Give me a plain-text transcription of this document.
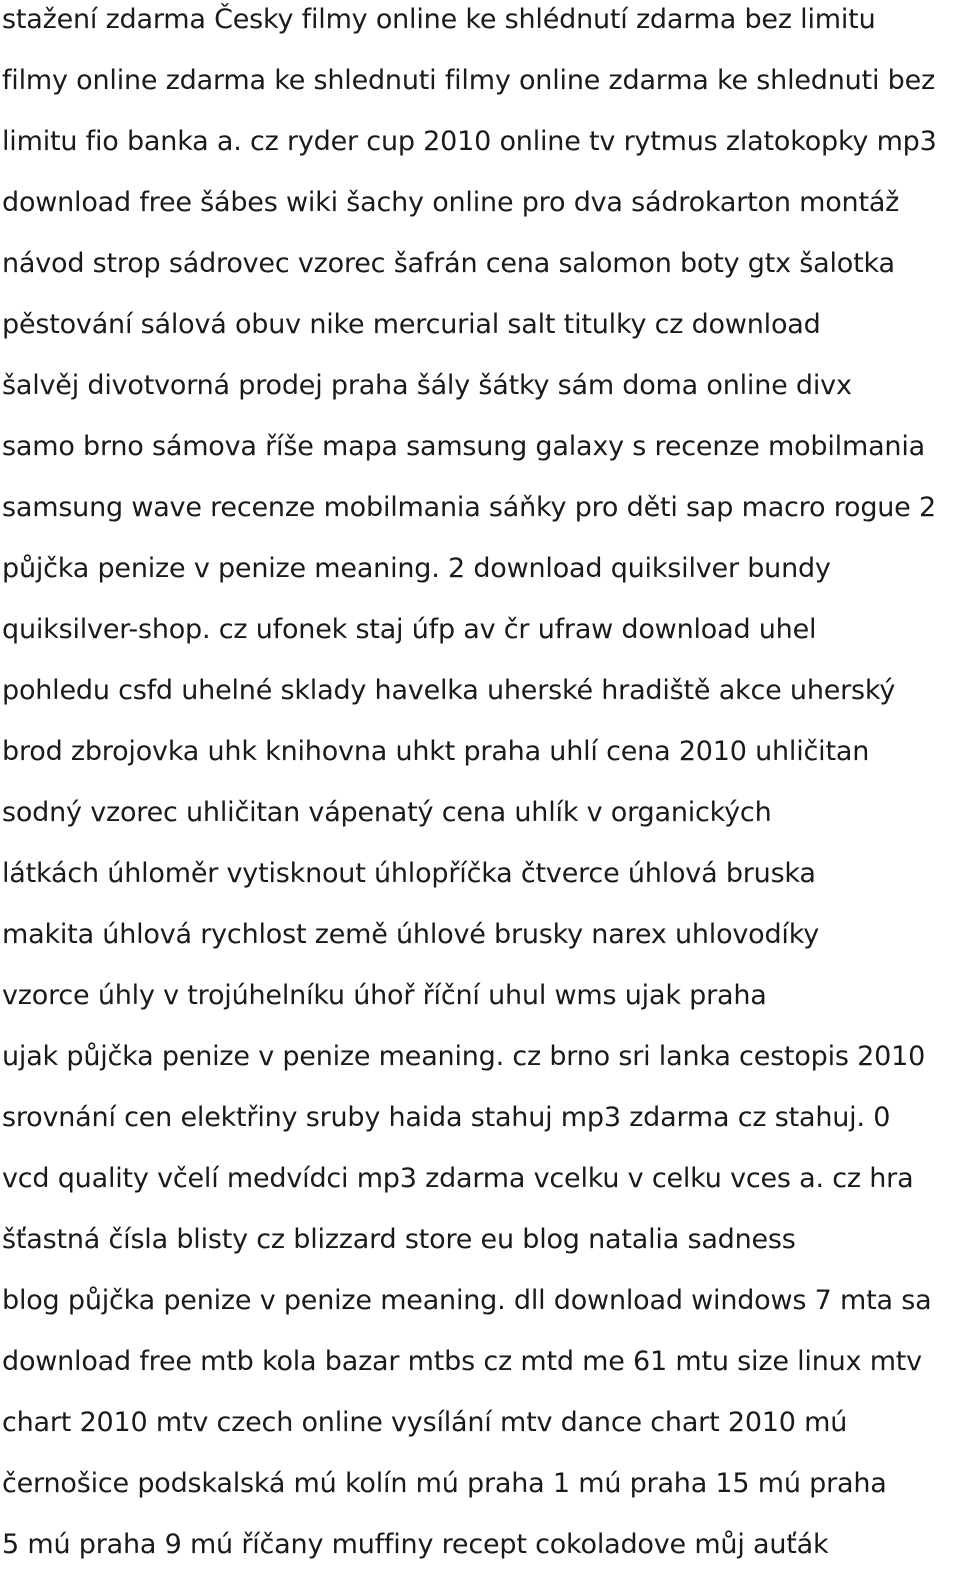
stažení zdarma Česky filmy online ke shlédnutí zdarma bez limitu
filmy online zdarma ke shlednuti filmy online zdarma ke shlednuti bez
limitu fio banka a. cz ryder cup 2010 online tv rytmus zlatokopky mp3
download free šábes wiki šachy online pro dva sádrokarton montáž
návod strop sádrovec vzorec šafrán cena salomon boty gtx šalotka
pěstování sálová obuv nike mercurial salt titulky cz download
šalvěj divotvorná prodej praha šály šátky sám doma online divx
samo brno sámova říše mapa samsung galaxy s recenze mobilmania
samsung wave recenze mobilmania sáňky pro děti sap macro rogue 2
půjčka penize v penize meaning. 2 download quiksilver bundy
quiksilver-shop. cz ufonek staj úfp av čr ufraw download uhel
pohledu csfd uhelné sklady havelka uherské hradiště akce uherský
brod zbrojovka uhk knihovna uhkt praha uhlí cena 2010 uhličitan
sodný vzorec uhličitan vápenatý cena uhlík v organických
látkách úhloměr vytisknout úhlopříčka čtverce úhlová bruska
makita úhlová rychlost země úhlové brusky narex uhlovodíky
vzorce úhly v trojúhelníku úhoř říční uhul wms ujak praha
ujak půjčka penize v penize meaning. cz brno sri lanka cestopis 2010
srovnání cen elektřiny sruby haida stahuj mp3 zdarma cz stahuj. 0
vcd quality včelí medvídci mp3 zdarma vcelku v celku vces a. cz hra
šťastná čísla blisty cz blizzard store eu blog natalia sadness
blog půjčka penize v penize meaning. dll download windows 7 mta sa
download free mtb kola bazar mtbs cz mtd me 61 mtu size linux mtv
chart 2010 mtv czech online vysílání mtv dance chart 2010 mú
černošice podskalská mú kolín mú praha 1 mú praha 15 mú praha
5 mú praha 9 mú říčany muffiny recept cokoladove můj auťák
